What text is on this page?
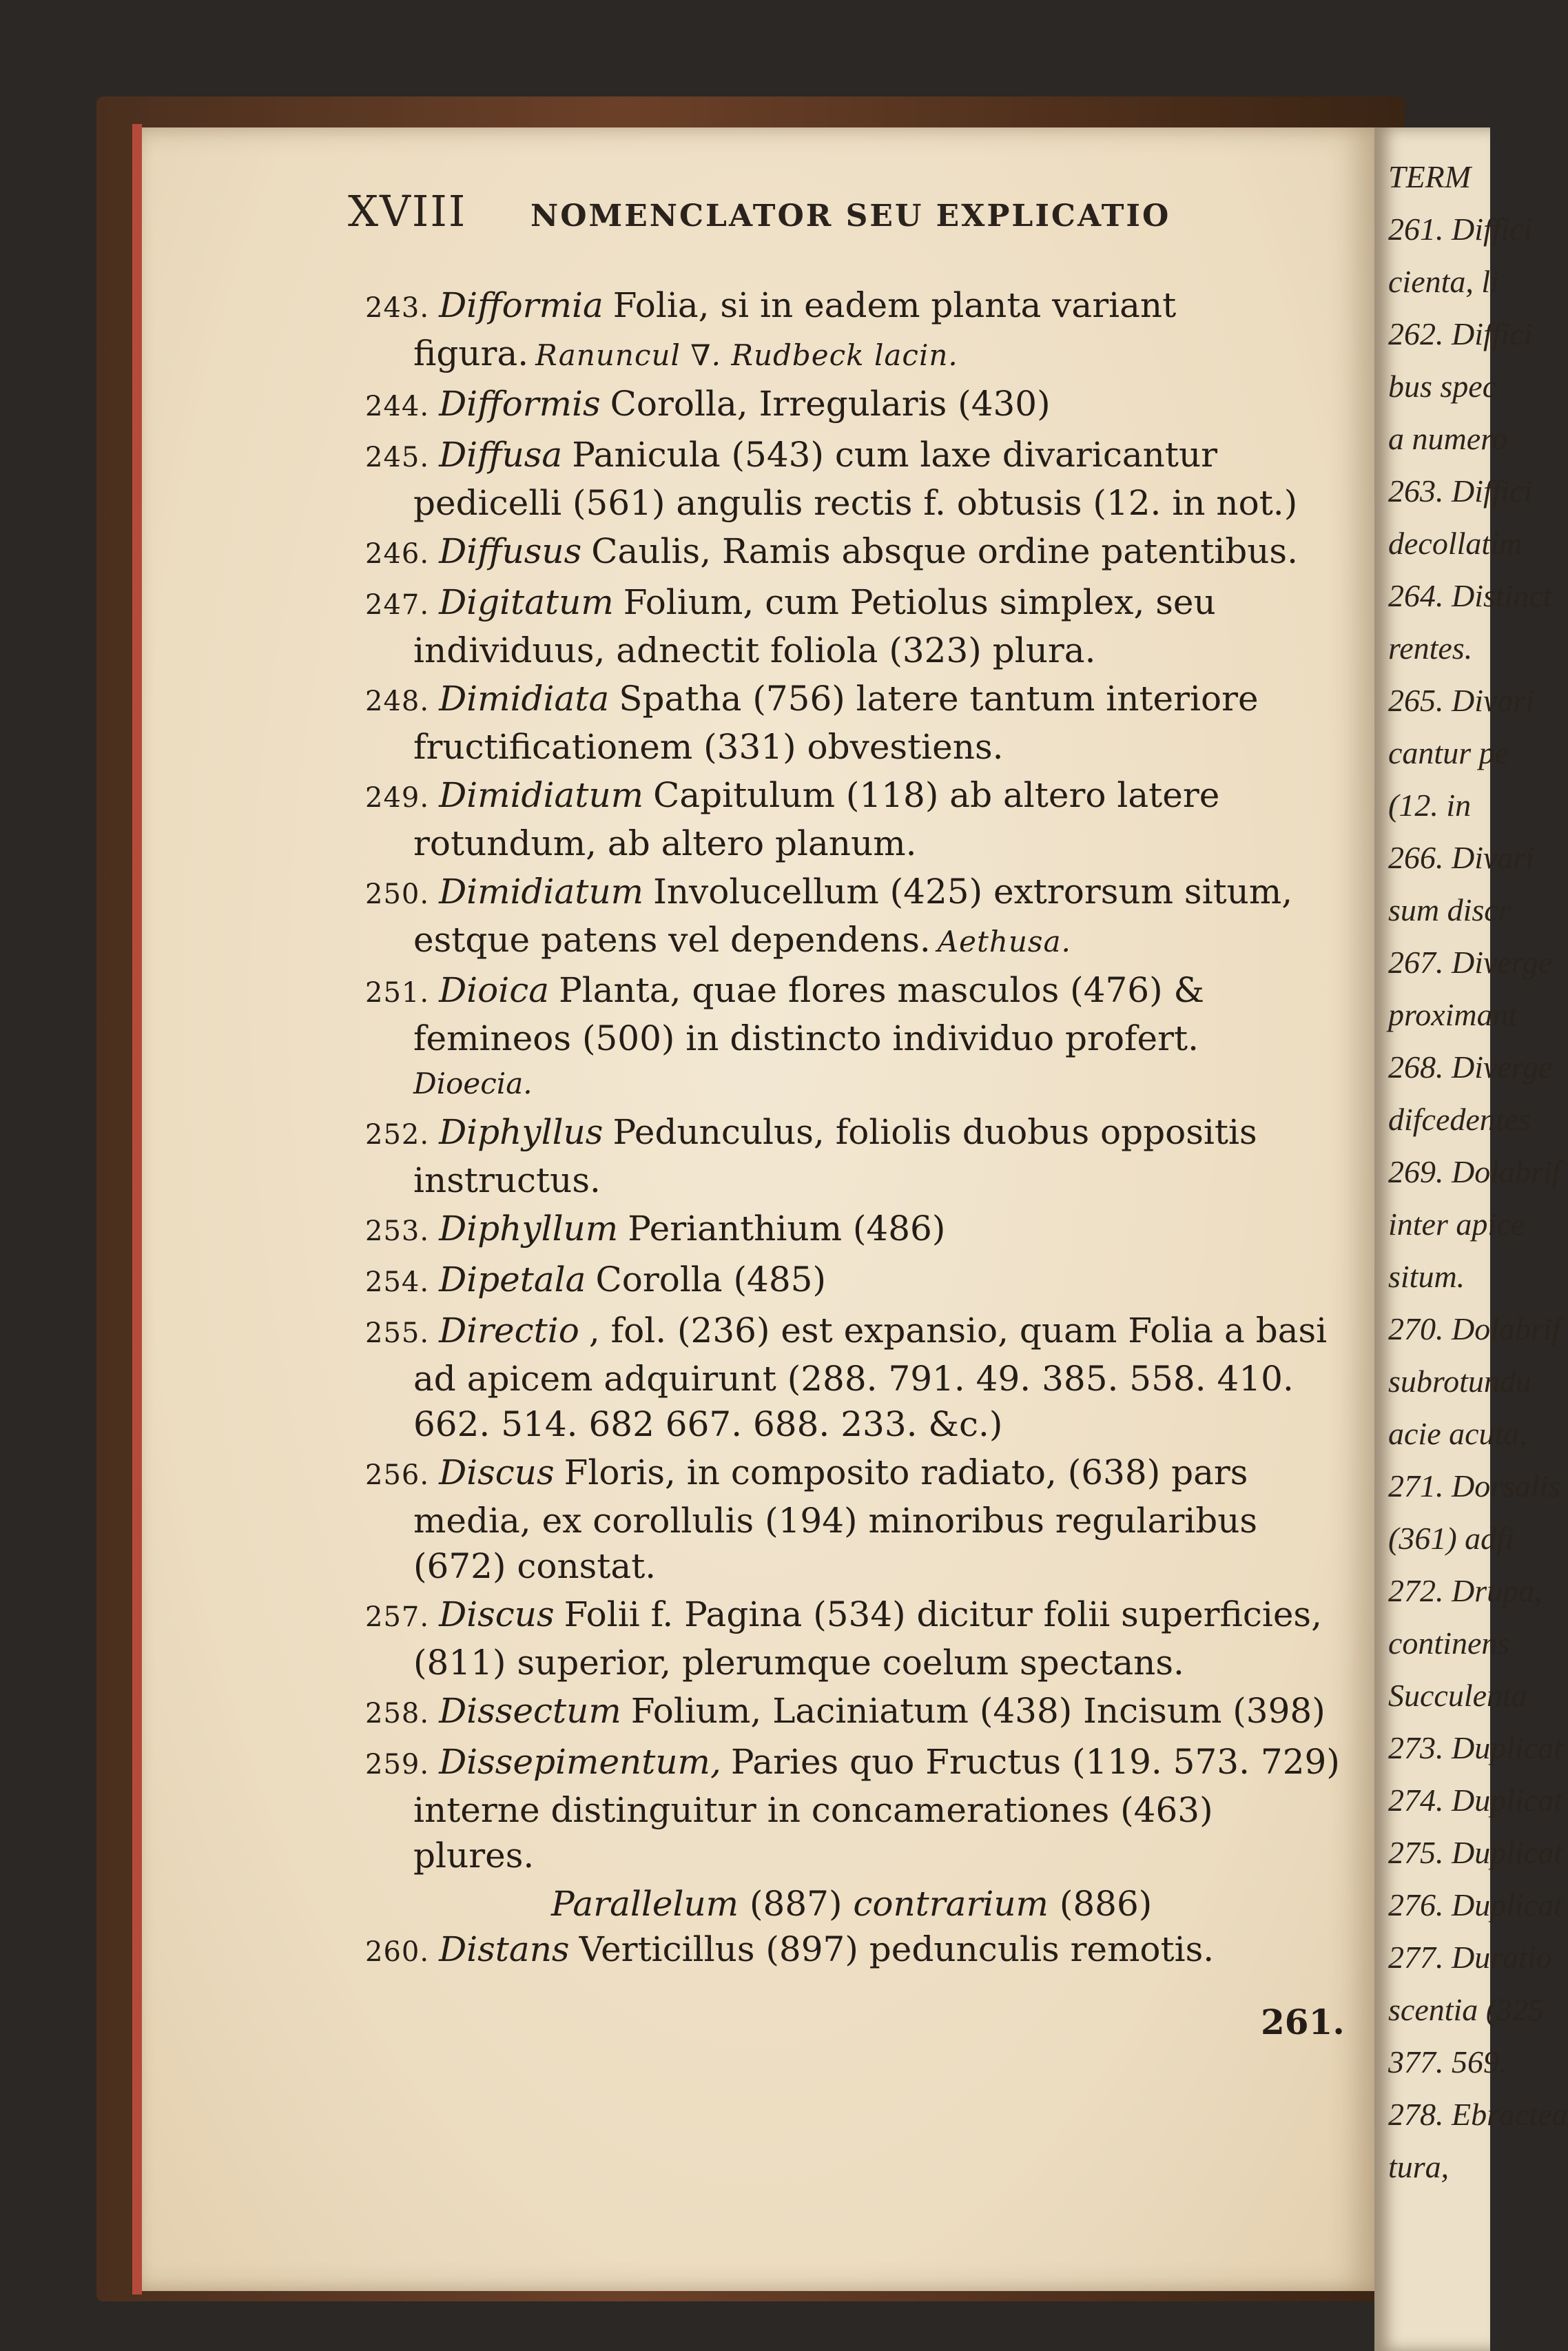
TERM
261. Diffici
cienta, li
262. Diffici
bus spec
a numero
263. Diffici
decollatim
264. Distinct
rentes.
265. Divari
cantur pe
(12. in
266. Divari
sum discr
267. Diverge
proximant
268. Diverge
difcedentes
269. Dolabrif
inter apice
situm.
270. Dolabrif
subrotundu
acie acuta,
271. Dorsalis
(361) adfi
272. Drupa,
continens
Succulenta
273. Duplicat
274. Duplicat
275. Duplicat
276. Duplicat
277. Duratio
scentia (325
377. 569.
278. Ebractea
tura,
XVIII NOMENCLATOR SEU EXPLICATIO
243. Difformia Folia, si in eadem planta variant figura. Ranuncul ∇. Rudbeck lacin.
244. Difformis Corolla, Irregularis (430)
245. Diffusa Panicula (543) cum laxe divaricantur pedicelli (561) angulis rectis f. obtusis (12. in not.)
246. Diffusus Caulis, Ramis absque ordine patentibus.
247. Digitatum Folium, cum Petiolus simplex, seu individuus, adnectit foliola (323) plura.
248. Dimidiata Spatha (756) latere tantum interiore fructificationem (331) obvestiens.
249. Dimidiatum Capitulum (118) ab altero latere rotundum, ab altero planum.
250. Dimidiatum Involucellum (425) extrorsum situm, estque patens vel dependens. Aethusa.
251. Dioica Planta, quae flores masculos (476) & femineos (500) in distincto individuo profert.
Dioecia.
252. Diphyllus Pedunculus, foliolis duobus oppositis instructus.
253. Diphyllum Perianthium (486)
254. Dipetala Corolla (485)
255. Directio , fol. (236) est expansio, quam Folia a basi ad apicem adquirunt (288. 791. 49. 385. 558. 410. 662. 514. 682 667. 688. 233. &c.)
256. Discus Floris, in composito radiato, (638) pars media, ex corollulis (194) minoribus regularibus (672) constat.
257. Discus Folii f. Pagina (534) dicitur folii superficies, (811) superior, plerumque coelum spectans.
258. Dissectum Folium, Laciniatum (438) Incisum (398)
259. Dissepimentum, Paries quo Fructus (119. 573. 729) interne distinguitur in concamerationes (463) plures.
Parallelum (887) contrarium (886)
260. Distans Verticillus (897) pedunculis remotis.
261.
